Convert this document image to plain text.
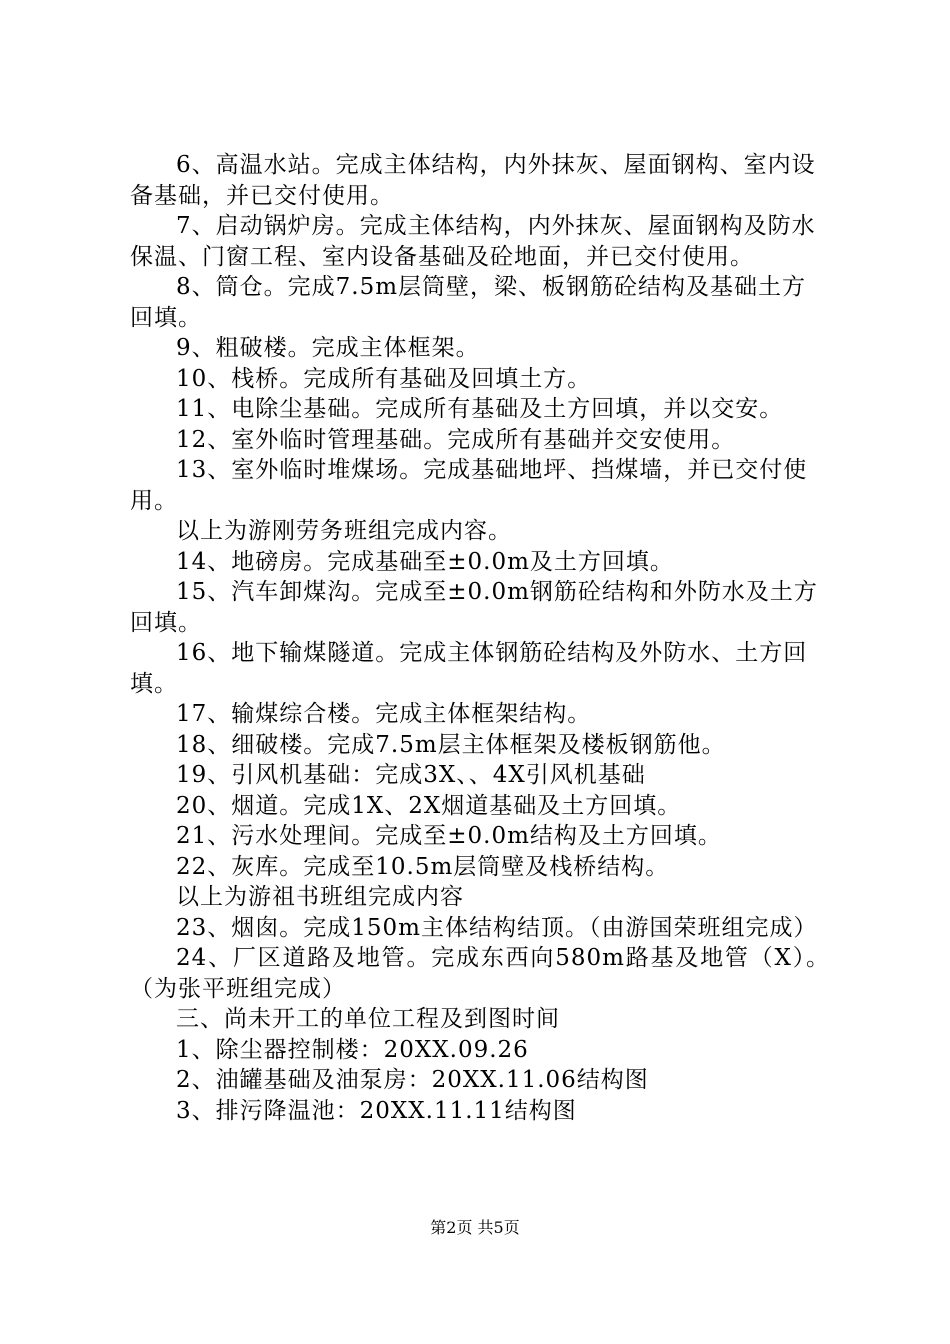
6、高温水站。完成主体结构，内外抹灰、屋面钢构、室内设备基础，并已交付使用。

7、启动锅炉房。完成主体结构，内外抹灰、屋面钢构及防水保温、门窗工程、室内设备基础及砼地面，并已交付使用。

8、筒仓。完成7.5m层筒壁，梁、板钢筋砼结构及基础土方回填。

9、粗破楼。完成主体框架。

10、栈桥。完成所有基础及回填土方。

11、电除尘基础。完成所有基础及土方回填，并以交安。

12、室外临时管理基础。完成所有基础并交安使用。

13、室外临时堆煤场。完成基础地坪、挡煤墙，并已交付使用。

以上为游刚劳务班组完成内容。

14、地磅房。完成基础至±0.0m及土方回填。

15、汽车卸煤沟。完成至±0.0m钢筋砼结构和外防水及土方回填。

16、地下输煤隧道。完成主体钢筋砼结构及外防水、土方回填。

17、输煤综合楼。完成主体框架结构。

18、细破楼。完成7.5m层主体框架及楼板钢筋他。

19、引风机基础：完成3X、、4X引风机基础

20、烟道。完成1X、2X烟道基础及土方回填。

21、污水处理间。完成至±0.0m结构及土方回填。

22、灰库。完成至10.5m层筒壁及栈桥结构。

以上为游祖书班组完成内容

23、烟囱。完成150m主体结构结顶。（由游国荣班组完成）

24、厂区道路及地管。完成东西向580m路基及地管（X）。（为张平班组完成）

三、尚未开工的单位工程及到图时间

1、除尘器控制楼：20XX.09.26

2、油罐基础及油泵房：20XX.11.06结构图

3、排污降温池：20XX.11.11结构图

第2页 共5页
